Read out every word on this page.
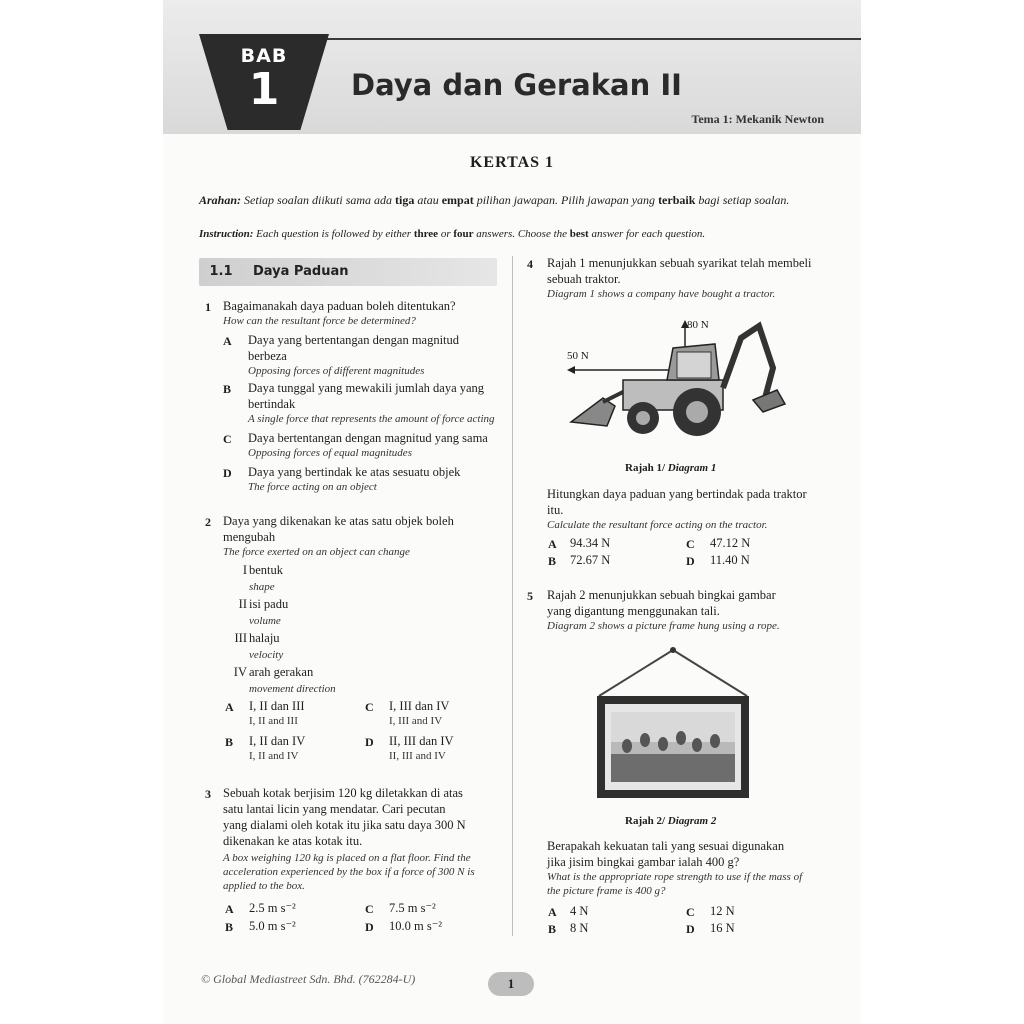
BAB
1	Daya dan Gerakan II
Tema 1: Mekanik Newton
KERTAS 1
Arahan: Setiap soalan diikuti sama ada tiga atau empat pilihan jawapan. Pilih jawapan yang terbaik bagi setiap soalan.
Instruction: Each question is followed by either three or four answers. Choose the best answer for each question.
1.1	Daya Paduan
1 Bagaimanakah daya paduan boleh ditentukan?
How can the resultant force be determined?
A Daya yang bertentangan dengan magnitud
berbeza
Opposing forces of different magnitudes
B Daya tunggal yang mewakili jumlah daya yang
bertindak
A single force that represents the amount of force acting
C Daya bertentangan dengan magnitud yang sama
Opposing forces of equal magnitudes
D Daya yang bertindak ke atas sesuatu objek
The force acting on an object
2 Daya yang dikenakan ke atas satu objek boleh
mengubah
The force exerted on an object can change
I bentuk
shape
II isi padu
volume
III halaju
velocity
IV arah gerakan
movement direction
A I, II dan III
I, II and III
B I, II dan IV
I, II and IV
C I, III dan IV
I, III and IV
D II, III dan IV
II, III and IV
3 Sebuah kotak berjisim 120 kg diletakkan di atas
satu lantai licin yang mendatar. Cari pecutan
yang dialami oleh kotak itu jika satu daya 300 N
dikenakan ke atas kotak itu.
A box weighing 120 kg is placed on a flat floor. Find the
acceleration experienced by the box if a force of 300 N is
applied to the box.
A 2.5 m s⁻²
B 5.0 m s⁻²
C 7.5 m s⁻²
D 10.0 m s⁻²
4 Rajah 1 menunjukkan sebuah syarikat telah membeli
sebuah traktor.
Diagram 1 shows a company have bought a tractor.
80 N
50 N
Rajah 1/ Diagram 1
Hitungkan daya paduan yang bertindak pada traktor
itu.
Calculate the resultant force acting on the tractor.
A 94.34 N
B 72.67 N
C 47.12 N
D 11.40 N
5 Rajah 2 menunjukkan sebuah bingkai gambar
yang digantung menggunakan tali.
Diagram 2 shows a picture frame hung using a rope.
Rajah 2/ Diagram 2
Berapakah kekuatan tali yang sesuai digunakan
jika jisim bingkai gambar ialah 400 g?
What is the appropriate rope strength to use if the mass of
the picture frame is 400 g?
A 4 N
B 8 N
C 12 N
D 16 N
© Global Mediastreet Sdn. Bhd. (762284-U)	1
